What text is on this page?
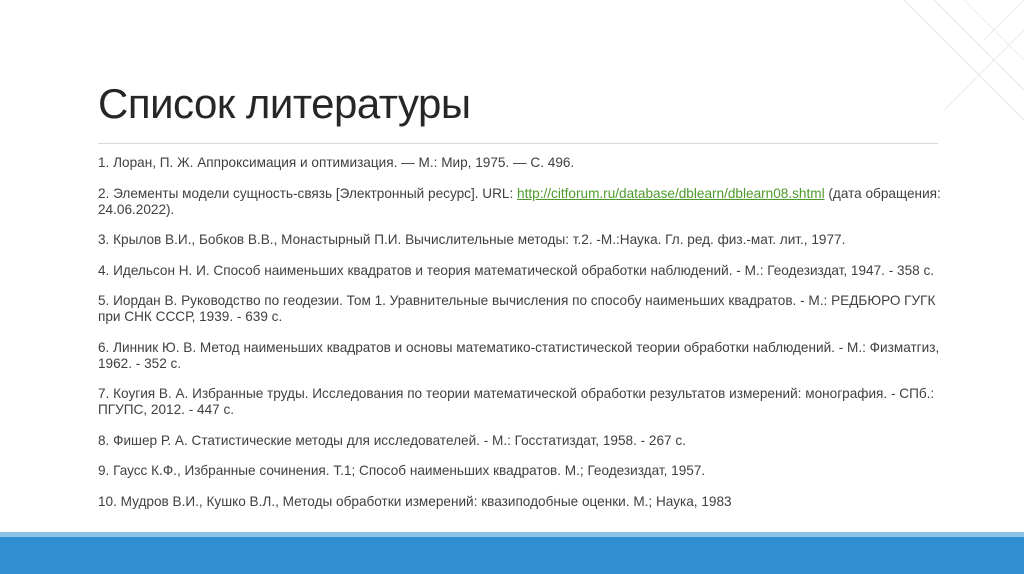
Список литературы

1. Лоран, П. Ж. Аппроксимация и оптимизация. — М.: Мир, 1975. — С. 496.

2. Элементы модели сущность-связь [Электронный ресурс]. URL: http://citforum.ru/database/dblearn/dblearn08.shtml (дата обращения: 24.06.2022).

3. Крылов В.И., Бобков В.В., Монастырный П.И. Вычислительные методы: т.2. -М.:Наука. Гл. ред. физ.-мат. лит., 1977.

4. Идельсон Н. И. Способ наименьших квадратов и теория математической обработки наблюдений. - М.: Геодезиздат, 1947. - 358 с.

5. Иордан В. Руководство по геодезии. Том 1. Уравнительные вычисления по способу наименьших квадратов. - М.: РЕДБЮРО ГУГК при СНК СССР, 1939. - 639 с.

6. Линник Ю. В. Метод наименьших квадратов и основы математико-статистической теории обработки наблюдений. - М.: Физматгиз, 1962. - 352 с.

7. Коугия В. А. Избранные труды. Исследования по теории математической обработки результатов измерений: монография. - СПб.: ПГУПС, 2012. - 447 с.

8. Фишер Р. А. Статистические методы для исследователей. - М.: Госстатиздат, 1958. - 267 с.

9. Гаусс К.Ф., Избранные сочинения. Т.1; Способ наименьших квадратов. М.; Геодезиздат, 1957.

10. Мудров В.И., Кушко В.Л., Методы обработки измерений: квазиподобные оценки. М.; Наука, 1983
